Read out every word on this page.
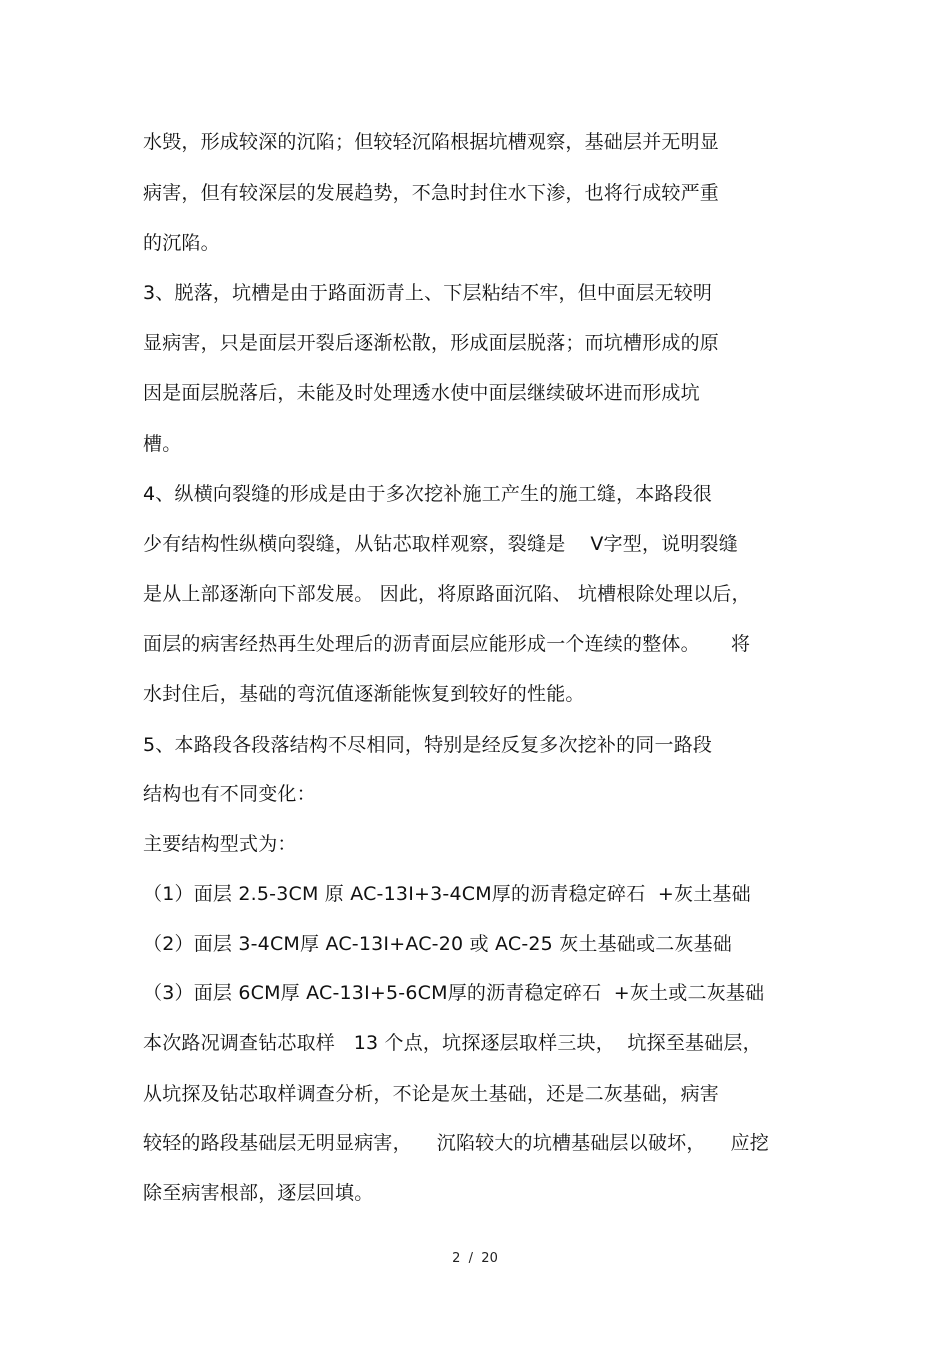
水毁，形成较深的沉陷；但较轻沉陷根据坑槽观察，基础层并无明显
病害，但有较深层的发展趋势，不急时封住水下渗，也将行成较严重
的沉陷。
3、脱落，坑槽是由于路面沥青上、下层粘结不牢，但中面层无较明
显病害，只是面层开裂后逐渐松散，形成面层脱落；而坑槽形成的原
因是面层脱落后，未能及时处理透水使中面层继续破坏进而形成坑
槽。
4、纵横向裂缝的形成是由于多次挖补施工产生的施工缝，本路段很
少有结构性纵横向裂缝，从钻芯取样观察，裂缝是    V字型，说明裂缝
是从上部逐渐向下部发展。 因此，将原路面沉陷、 坑槽根除处理以后，
面层的病害经热再生处理后的沥青面层应能形成一个连续的整体。     将
水封住后，基础的弯沉值逐渐能恢复到较好的性能。
5、本路段各段落结构不尽相同，特别是经反复多次挖补的同一路段
结构也有不同变化：
主要结构型式为：
（1）面层 2.5-3CM 原 AC-13I+3-4CM厚的沥青稳定碎石  +灰土基础
（2）面层 3-4CM厚 AC-13I+AC-20 或 AC-25 灰土基础或二灰基础
（3）面层 6CM厚 AC-13I+5-6CM厚的沥青稳定碎石  +灰土或二灰基础
本次路况调查钻芯取样   13 个点，坑探逐层取样三块，  坑探至基础层，
从坑探及钻芯取样调查分析，不论是灰土基础，还是二灰基础，病害
较轻的路段基础层无明显病害，    沉陷较大的坑槽基础层以破坏，    应挖
除至病害根部，逐层回填。
2  /  20
